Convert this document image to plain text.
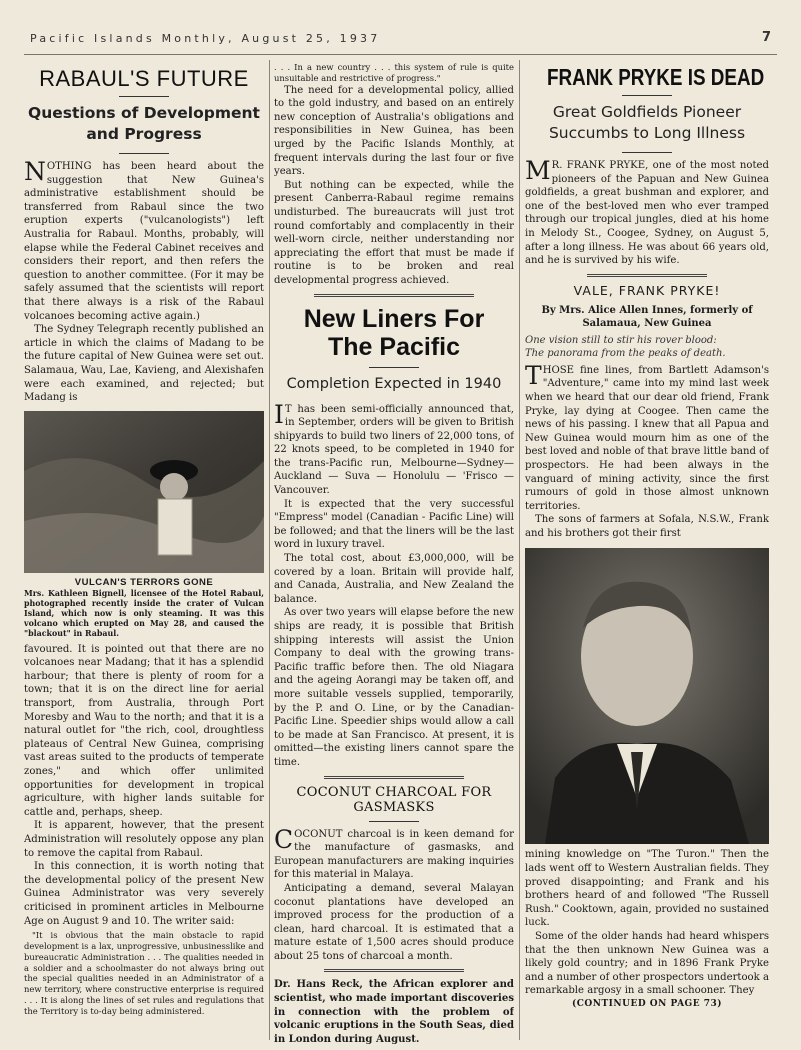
Pacific Islands Monthly, August 25, 1937	7
RABAUL'S FUTURE
Questions of Development
and Progress

NOTHING has been heard about the suggestion that New Guinea's administrative establishment should be transferred from Rabaul since the two eruption experts ("vulcanologists") left Australia for Rabaul. Months, probably, will elapse while the Federal Cabinet receives and considers their report, and then refers the question to another committee. (For it may be safely assumed that the scientists will report that there always is a risk of the Rabaul volcanoes becoming active again.)

The Sydney Telegraph recently published an article in which the claims of Madang to be the future capital of New Guinea were set out. Salamaua, Wau, Lae, Kavieng, and Alexishafen were each examined, and rejected; but Madang is

VULCAN'S TERRORS GONE
Mrs. Kathleen Bignell, licensee of the Hotel Rabaul, photographed recently inside the crater of Vulcan Island, which now is only steaming. It was this volcano which erupted on May 28, and caused the "blackout" in Rabaul.

favoured. It is pointed out that there are no volcanoes near Madang; that it has a splendid harbour; that there is plenty of room for a town; that it is on the direct line for aerial transport, from Australia, through Port Moresby and Wau to the north; and that it is a natural outlet for "the rich, cool, droughtless plateaus of Central New Guinea, comprising vast areas suited to the products of temperate zones," and which offer unlimited opportunities for development in tropical agriculture, with higher lands suitable for cattle and, perhaps, sheep.

It is apparent, however, that the present Administration will resolutely oppose any plan to remove the capital from Rabaul.

In this connection, it is worth noting that the developmental policy of the present New Guinea Administrator was very severely criticised in prominent articles in Melbourne Age on August 9 and 10. The writer said:

"It is obvious that the main obstacle to rapid development is a lax, unprogressive, unbusinesslike and bureaucratic Administration . . . The qualities needed in a soldier and a schoolmaster do not always bring out the special qualities needed in an Administrator of a new territory, where constructive enterprise is required . . . It is along the lines of set rules and regulations that the Territory is to-day being administered.

. . . In a new country . . . this system of rule is quite unsuitable and restrictive of progress."

The need for a developmental policy, allied to the gold industry, and based on an entirely new conception of Australia's obligations and responsibilities in New Guinea, has been urged by the Pacific Islands Monthly, at frequent intervals during the last four or five years.

But nothing can be expected, while the present Canberra-Rabaul regime remains undisturbed. The bureaucrats will just trot round comfortably and complacently in their well-worn circle, neither understanding nor appreciating the effort that must be made if routine is to be broken and real developmental progress achieved.

New Liners For
The Pacific
Completion Expected in 1940

IT has been semi-officially announced that, in September, orders will be given to British shipyards to build two liners of 22,000 tons, of 22 knots speed, to be completed in 1940 for the trans-Pacific run, Melbourne—Sydney—Auckland — Suva — Honolulu — 'Frisco — Vancouver.

It is expected that the very successful "Empress" model (Canadian - Pacific Line) will be followed; and that the liners will be the last word in luxury travel.

The total cost, about £3,000,000, will be covered by a loan. Britain will provide half, and Canada, Australia, and New Zealand the balance.

As over two years will elapse before the new ships are ready, it is possible that British shipping interests will assist the Union Company to deal with the growing trans-Pacific traffic before then. The old Niagara and the ageing Aorangi may be taken off, and more suitable vessels supplied, temporarily, by the P. and O. Line, or by the Canadian-Pacific Line. Speedier ships would allow a call to be made at San Francisco. At present, it is omitted—the existing liners cannot spare the time.

COCONUT CHARCOAL FOR GASMASKS

COCONUT charcoal is in keen demand for the manufacture of gasmasks, and European manufacturers are making inquiries for this material in Malaya.

Anticipating a demand, several Malayan coconut plantations have developed an improved process for the production of a clean, hard charcoal. It is estimated that a mature estate of 1,500 acres should produce about 25 tons of charcoal a month.

Dr. Hans Reck, the African explorer and scientist, who made important discoveries in connection with the problem of volcanic eruptions in the South Seas, died in London during August.

FRANK PRYKE IS DEAD
Great Goldfields Pioneer
Succumbs to Long Illness

MR. FRANK PRYKE, one of the most noted pioneers of the Papuan and New Guinea goldfields, a great bushman and explorer, and one of the best-loved men who ever tramped through our tropical jungles, died at his home in Melody St., Coogee, Sydney, on August 5, after a long illness. He was about 66 years old, and he is survived by his wife.

VALE, FRANK PRYKE!
By Mrs. Alice Allen Innes, formerly of Salamaua, New Guinea
One vision still to stir his rover blood:
The panorama from the peaks of death.

THOSE fine lines, from Bartlett Adamson's "Adventure," came into my mind last week when we heard that our dear old friend, Frank Pryke, lay dying at Coogee. Then came the news of his passing. I knew that all Papua and New Guinea would mourn him as one of the best loved and noble of that brave little band of prospectors. He had been always in the vanguard of mining activity, since the first rumours of gold in those almost unknown territories.

The sons of farmers at Sofala, N.S.W., Frank and his brothers got their first

mining knowledge on "The Turon." Then the lads went off to Western Australian fields. They proved disappointing; and Frank and his brothers heard of and followed "The Russell Rush." Cooktown, again, provided no sustained luck.

Some of the older hands had heard whispers that the then unknown New Guinea was a likely gold country; and in 1896 Frank Pryke and a number of other prospectors undertook a remarkable argosy in a small schooner. They

(CONTINUED ON PAGE 73)
